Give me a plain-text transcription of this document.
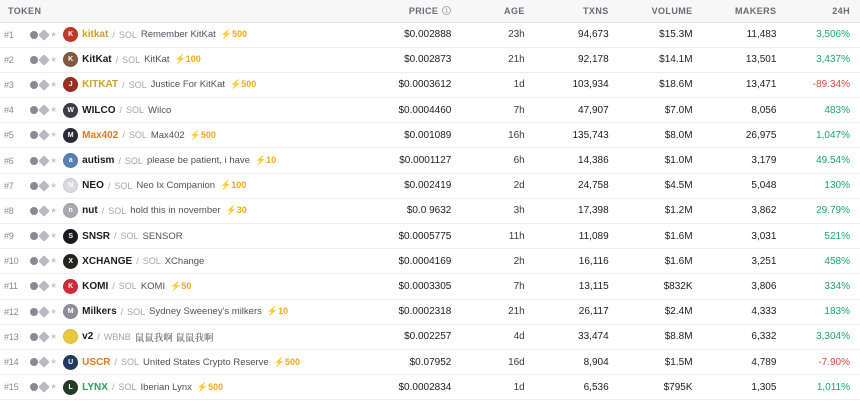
TOKEN	PRICE i	AGE	TXNS	VOLUME	MAKERS	24H

#1	★	K kitkat / SOL Remember KitKat ⚡500	$0.002888	23h	94,673	$15.3M	11,483	3,506%

#2	★	K KitKat / SOL KitKat ⚡100	$0.002873	21h	92,178	$14.1M	13,501	3,437%

#3	★	J KITKAT / SOL Justice For KitKat ⚡500	$0.0003612	1d	103,934	$18.6M	13,471	-89.34%

#4	★	W WILCO / SOL Wilco	$0.0004460	7h	47,907	$7.0M	8,056	483%

#5	★	M Max402 / SOL Max402 ⚡500	$0.001089	16h	135,743	$8.0M	26,975	1,047%

#6	★	a autism / SOL please be patient, i have ⚡10	$0.0001127	6h	14,386	$1.0M	3,179	49.54%

#7	★	N NEO / SOL Neo Ix Companion ⚡100	$0.002419	2d	24,758	$4.5M	5,048	130%

#8	★	n nut / SOL hold this in november ⚡30	$0.0 9632	3h	17,398	$1.2M	3,862	29.79%

#9	★	S SNSR / SOL SENSOR	$0.0005775	11h	11,089	$1.6M	3,031	521%

#10	★	X XCHANGE / SOL XChange	$0.0004169	2h	16,116	$1.6M	3,251	458%

#11	★	K KOMI / SOL KOMI ⚡50	$0.0003305	7h	13,115	$832K	3,806	334%

#12	★	M Milkers / SOL Sydney Sweeney's milkers ⚡10	$0.0002318	21h	26,117	$2.4M	4,333	183%

#13	★	v2 / WBNB 鼠鼠我啊 鼠鼠我啊	$0.002257	4d	33,474	$8.8M	6,332	3,304%

#14	★	U USCR / SOL United States Crypto Reserve ⚡500	$0.07952	16d	8,904	$1.5M	4,789	-7.90%

#15	★	L LYNX / SOL Iberian Lynx ⚡500	$0.0002834	1d	6,536	$795K	1,305	1,011%
